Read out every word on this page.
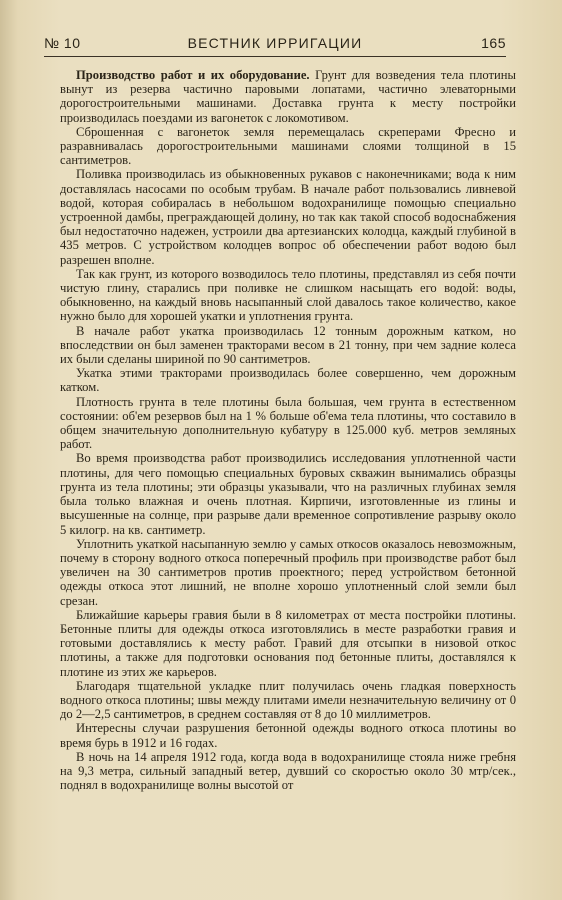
№ 10	ВЕСТНИК ИРРИГАЦИИ	165

Производство работ и их оборудование. Грунт для возведения тела плотины вынут из резерва частично паровыми лопатами, частично элеваторными дорогостроительными машинами. Доставка грунта к месту постройки производилась поездами из вагонеток с локомотивом.

Сброшенная с вагонеток земля перемещалась скреперами Фресно и разравнивалась дорогостроительными машинами слоями толщиной в 15 сантиметров.

Поливка производилась из обыкновенных рукавов с наконечниками; вода к ним доставлялась насосами по особым трубам. В начале работ пользовались ливневой водой, которая собиралась в небольшом водохранилище помощью специально устроенной дамбы, преграждающей долину, но так как такой способ водоснабжения был недостаточно надежен, устроили два артезианских колодца, каждый глубиной в 435 метров. С устройством колодцев вопрос об обеспечении работ водою был разрешен вполне.

Так как грунт, из которого возводилось тело плотины, представлял из себя почти чистую глину, старались при поливке не слишком насыщать его водой: воды, обыкновенно, на каждый вновь насыпанный слой давалось такое количество, какое нужно было для хорошей укатки и уплотнения грунта.

В начале работ укатка производилась 12 тонным дорожным катком, но впоследствии он был заменен тракторами весом в 21 тонну, при чем задние колеса их были сделаны шириной по 90 сантиметров.

Укатка этими тракторами производилась более совершенно, чем дорожным катком.

Плотность грунта в теле плотины была большая, чем грунта в естественном состоянии: об'ем резервов был на 1 % больше об'ема тела плотины, что составило в общем значительную дополнительную кубатуру в 125.000 куб. метров земляных работ.

Во время производства работ производились исследования уплотненной части плотины, для чего помощью специальных буровых скважин вынимались образцы грунта из тела плотины; эти образцы указывали, что на различных глубинах земля была только влажная и очень плотная. Кирпичи, изготовленные из глины и высушенные на солнце, при разрыве дали временное сопротивление разрыву около 5 килогр. на кв. сантиметр.

Уплотнить укаткой насыпанную землю у самых откосов оказалось невозможным, почему в сторону водного откоса поперечный профиль при производстве работ был увеличен на 30 сантиметров против проектного; перед устройством бетонной одежды откоса этот лишний, не вполне хорошо уплотненный слой земли был срезан.

Ближайшие карьеры гравия были в 8 километрах от места постройки плотины. Бетонные плиты для одежды откоса изготовлялись в месте разработки гравия и готовыми доставлялись к месту работ. Гравий для отсыпки в низовой откос плотины, а также для подготовки основания под бетонные плиты, доставлялся к плотине из этих же карьеров.

Благодаря тщательной укладке плит получилась очень гладкая поверхность водного откоса плотины; швы между плитами имели незначительную величину от 0 до 2—2,5 сантиметров, в среднем составляя от 8 до 10 миллиметров.

Интересны случаи разрушения бетонной одежды водного откоса плотины во время бурь в 1912 и 16 годах.

В ночь на 14 апреля 1912 года, когда вода в водохранилище стояла ниже гребня на 9,3 метра, сильный западный ветер, дувший со скоростью около 30 мтр/сек., поднял в водохранилище волны высотой от
